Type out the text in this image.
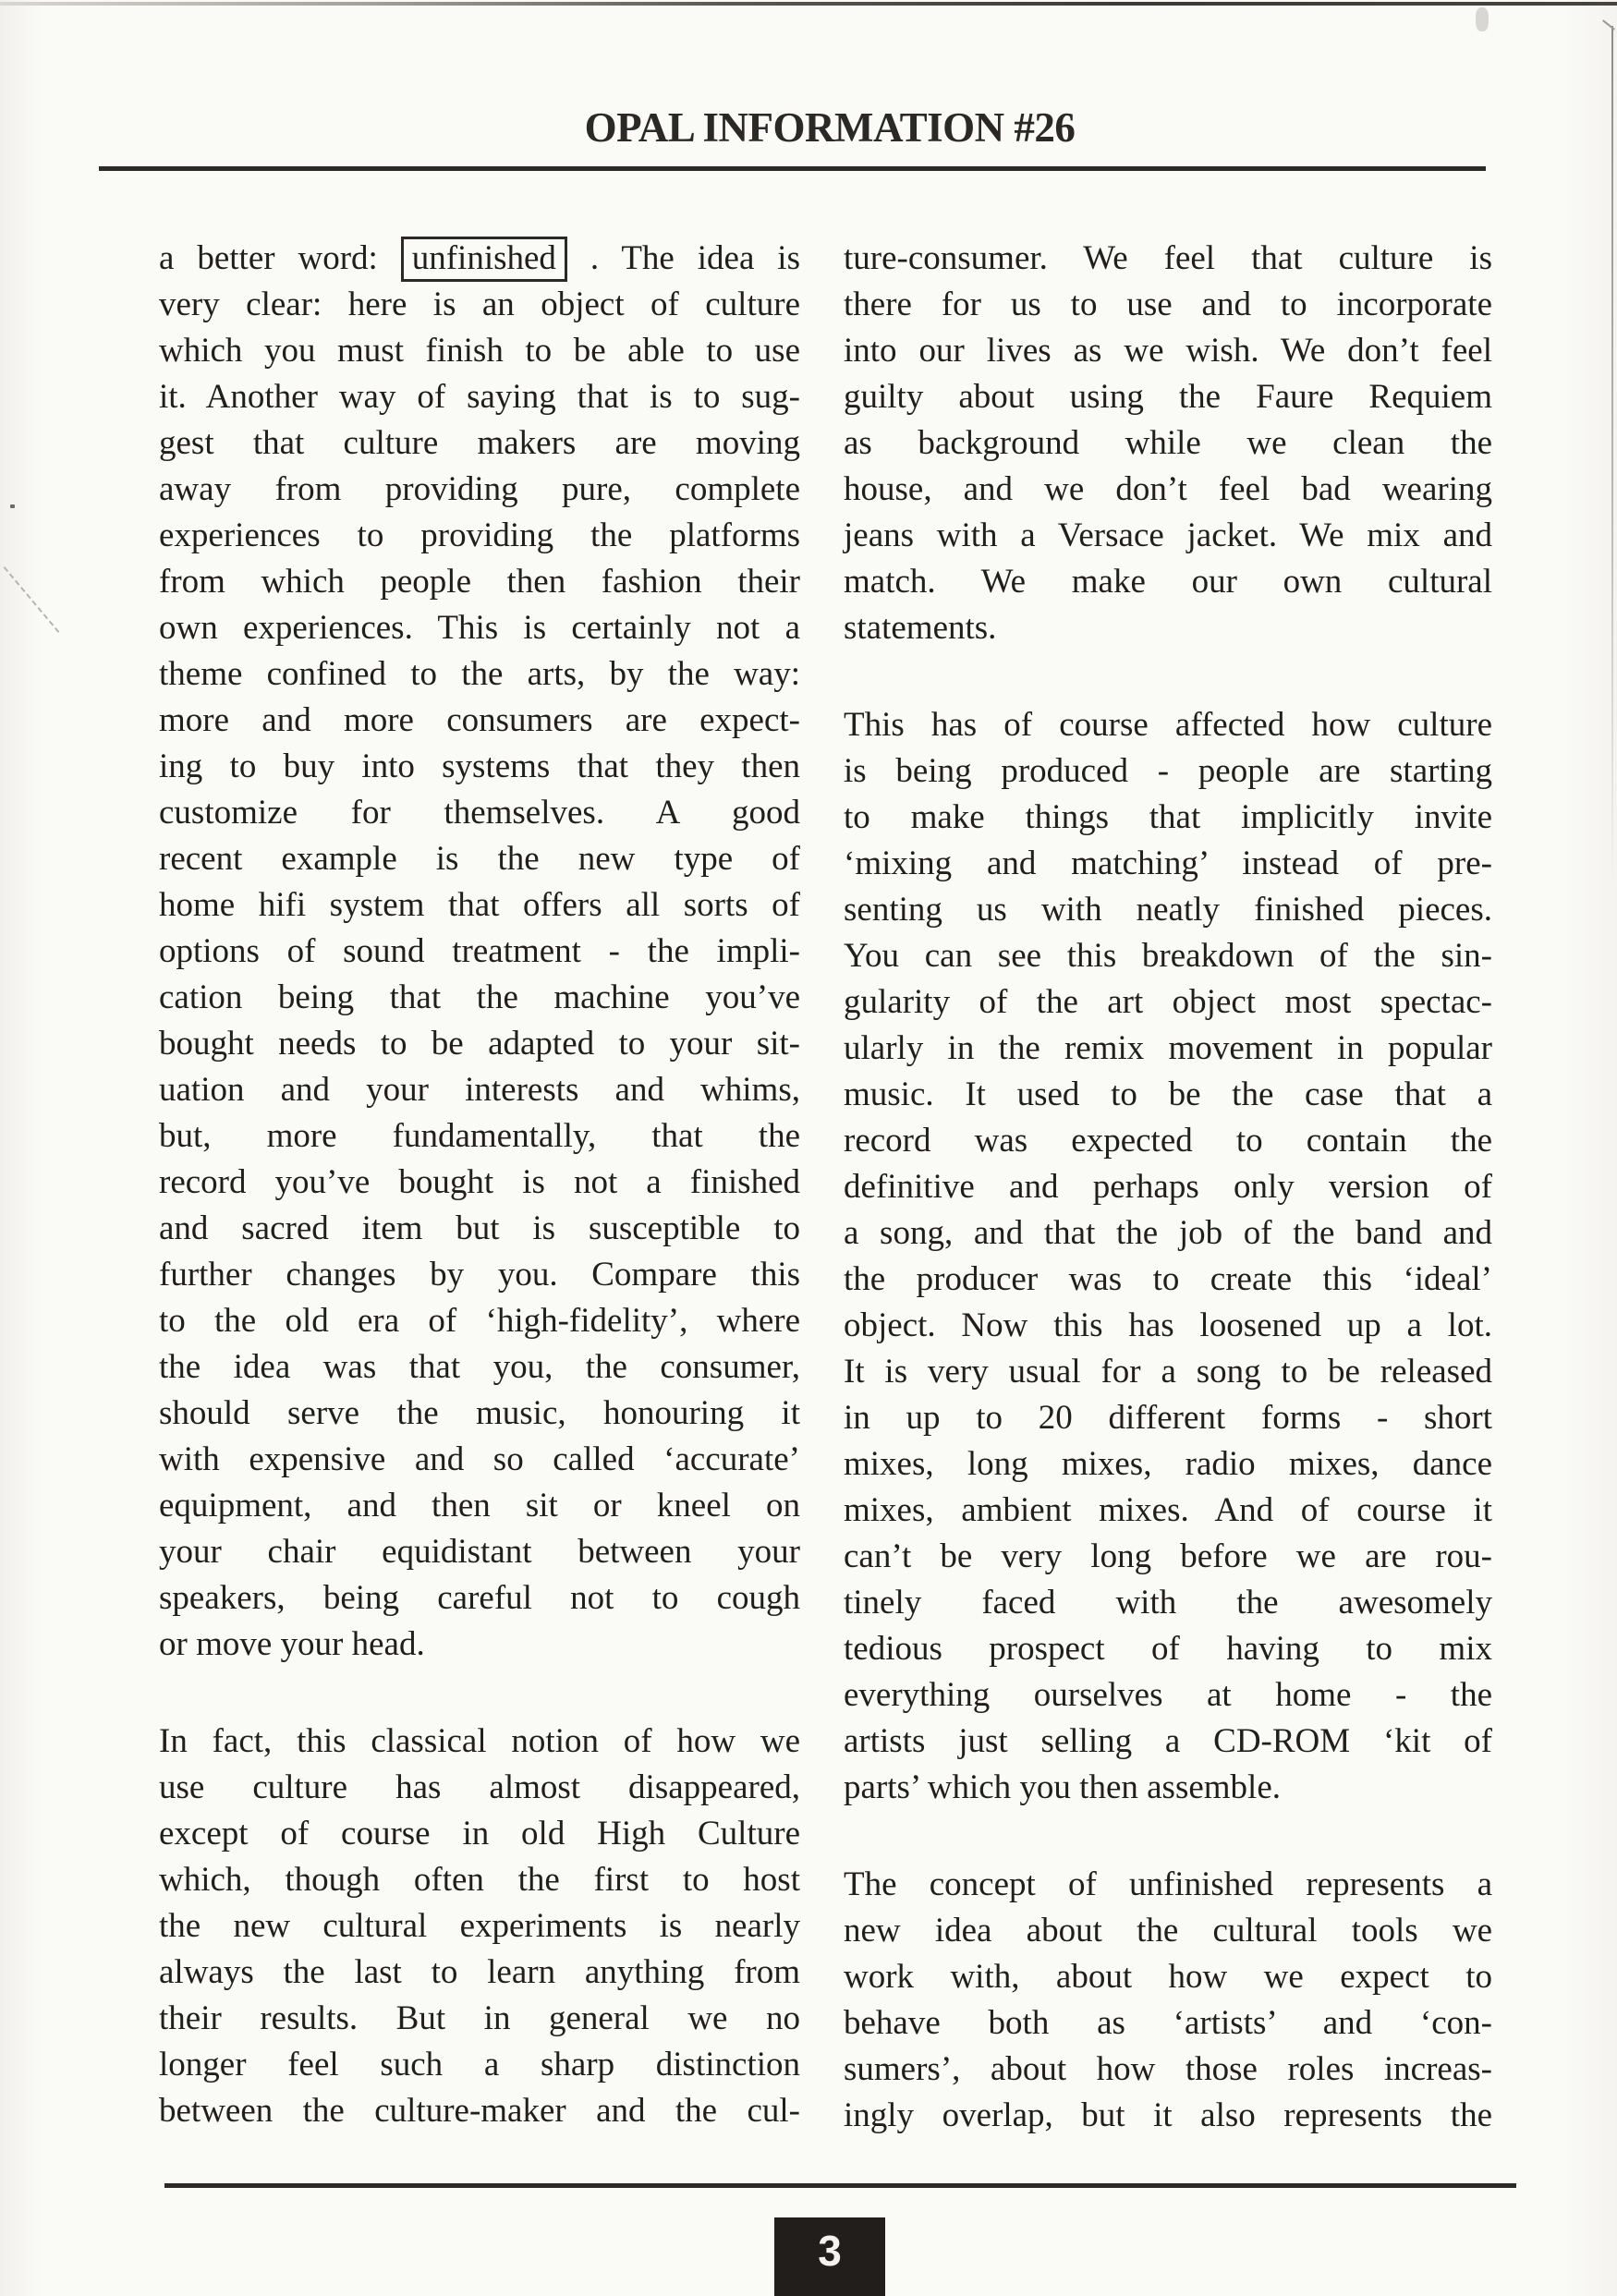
OPAL INFORMATION #26
a better word: unfinished . The idea is
very clear: here is an object of culture
which you must finish to be able to use
it. Another way of saying that is to sug-
gest that culture makers are moving
away from providing pure, complete
experiences to providing the platforms
from which people then fashion their
own experiences. This is certainly not a
theme confined to the arts, by the way:
more and more consumers are expect-
ing to buy into systems that they then
customize for themselves. A good
recent example is the new type of
home hifi system that offers all sorts of
options of sound treatment - the impli-
cation being that the machine you’ve
bought needs to be adapted to your sit-
uation and your interests and whims,
but, more fundamentally, that the
record you’ve bought is not a finished
and sacred item but is susceptible to
further changes by you. Compare this
to the old era of ‘high-fidelity’, where
the idea was that you, the consumer,
should serve the music, honouring it
with expensive and so called ‘accurate’
equipment, and then sit or kneel on
your chair equidistant between your
speakers, being careful not to cough
or move your head.
In fact, this classical notion of how we
use culture has almost disappeared,
except of course in old High Culture
which, though often the first to host
the new cultural experiments is nearly
always the last to learn anything from
their results. But in general we no
longer feel such a sharp distinction
between the culture-maker and the cul-
ture-consumer. We feel that culture is
there for us to use and to incorporate
into our lives as we wish. We don’t feel
guilty about using the Faure Requiem
as background while we clean the
house, and we don’t feel bad wearing
jeans with a Versace jacket. We mix and
match. We make our own cultural
statements.
This has of course affected how culture
is being produced - people are starting
to make things that implicitly invite
‘mixing and matching’ instead of pre-
senting us with neatly finished pieces.
You can see this breakdown of the sin-
gularity of the art object most spectac-
ularly in the remix movement in popular
music. It used to be the case that a
record was expected to contain the
definitive and perhaps only version of
a song, and that the job of the band and
the producer was to create this ‘ideal’
object. Now this has loosened up a lot.
It is very usual for a song to be released
in up to 20 different forms - short
mixes, long mixes, radio mixes, dance
mixes, ambient mixes. And of course it
can’t be very long before we are rou-
tinely faced with the awesomely
tedious prospect of having to mix
everything ourselves at home - the
artists just selling a CD-ROM ‘kit of
parts’ which you then assemble.
The concept of unfinished represents a
new idea about the cultural tools we
work with, about how we expect to
behave both as ‘artists’ and ‘con-
sumers’, about how those roles increas-
ingly overlap, but it also represents the
3
